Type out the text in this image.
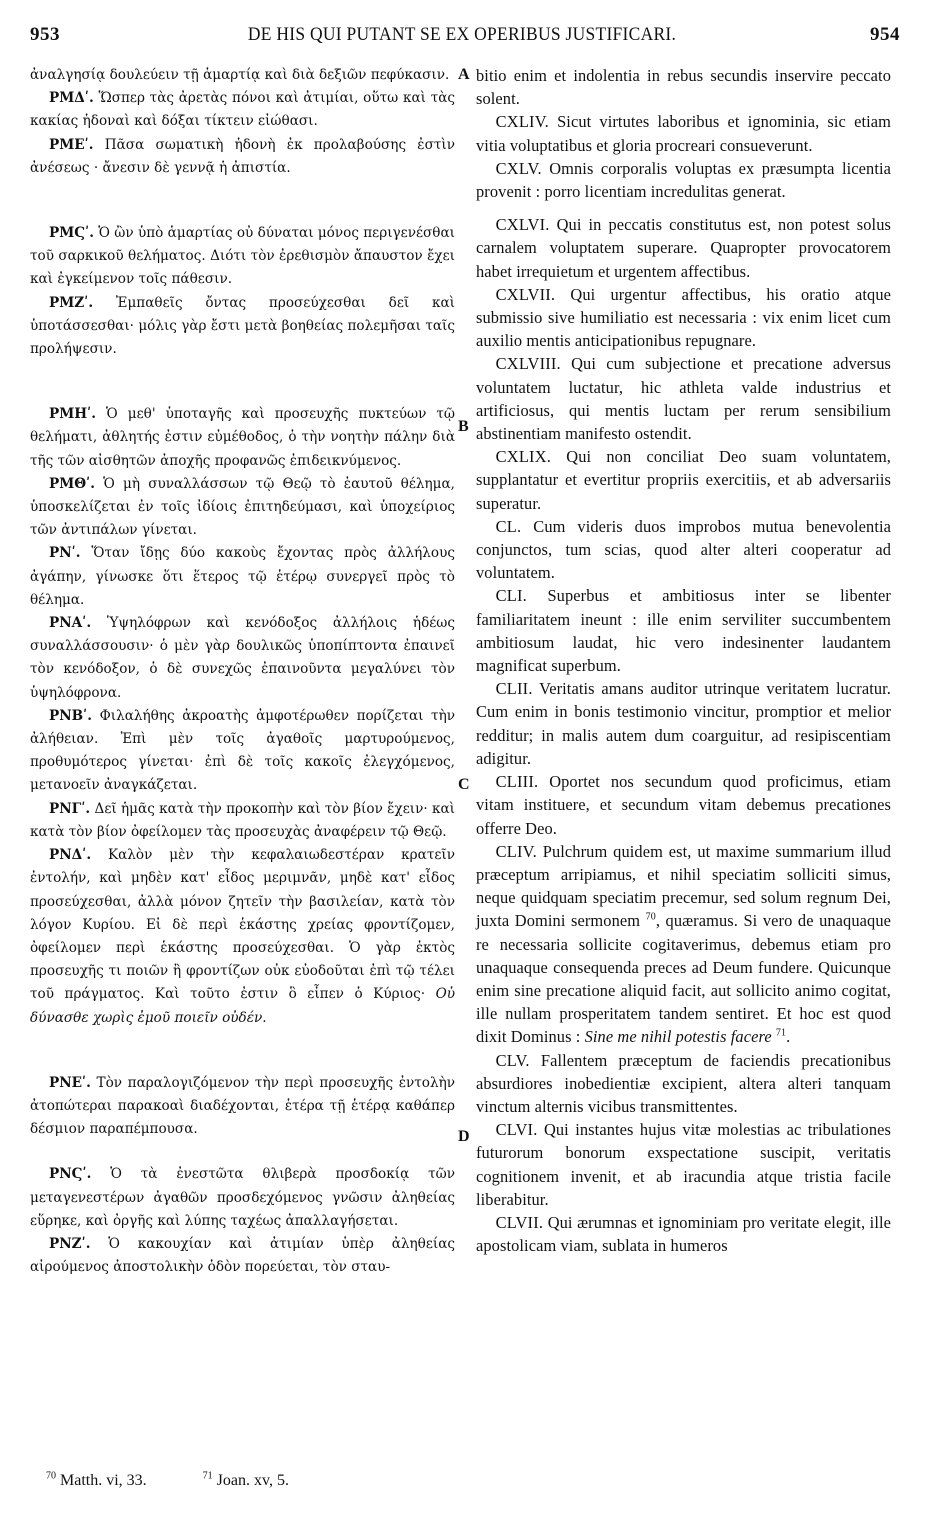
953	DE HIS QUI PUTANT SE EX OPERIBUS JUSTIFICARI.	954
A
B
C
D

ἀναλγησίᾳ δουλεύειν τῇ ἁμαρτίᾳ καὶ διὰ δεξιῶν πεφύκασιν.

ΡΜΔʹ. Ὥσπερ τὰς ἀρετὰς πόνοι καὶ ἀτιμίαι, οὕτω καὶ τὰς κακίας ἡδοναὶ καὶ δόξαι τίκτειν εἰώθασι.

ΡΜΕʹ. Πᾶσα σωματικὴ ἡδονὴ ἐκ προλαβούσης ἐστὶν ἀνέσεως · ἄνεσιν δὲ γεννᾷ ἡ ἀπιστία.

ΡΜϚʹ. Ὁ ὢν ὑπὸ ἁμαρτίας οὐ δύναται μόνος περιγενέσθαι τοῦ σαρκικοῦ θελήματος. Διότι τὸν ἐρεθισμὸν ἄπαυστον ἔχει καὶ ἐγκείμενον τοῖς πάθεσιν.

ΡΜΖʹ. Ἐμπαθεῖς ὄντας προσεύχεσθαι δεῖ καὶ ὑποτάσσεσθαι· μόλις γὰρ ἔστι μετὰ βοηθείας πολεμῆσαι ταῖς προλήψεσιν.

ΡΜΗʹ. Ὁ μεθ' ὑποταγῆς καὶ προσευχῆς πυκτεύων τῷ θελήματι, ἀθλητής ἐστιν εὐμέθοδος, ὁ τὴν νοητὴν πάλην διὰ τῆς τῶν αἰσθητῶν ἀποχῆς προφανῶς ἐπιδεικνύμενος.

ΡΜΘʹ. Ὁ μὴ συναλλάσσων τῷ Θεῷ τὸ ἑαυτοῦ θέλημα, ὑποσκελίζεται ἐν τοῖς ἰδίοις ἐπιτηδεύμασι, καὶ ὑποχείριος τῶν ἀντιπάλων γίνεται.

ΡΝʹ. Ὅταν ἴδῃς δύο κακοὺς ἔχοντας πρὸς ἀλλήλους ἀγάπην, γίνωσκε ὅτι ἕτερος τῷ ἑτέρῳ συνεργεῖ πρὸς τὸ θέλημα.

ΡΝΑʹ. Ὑψηλόφρων καὶ κενόδοξος ἀλλήλοις ἡδέως συναλλάσσουσιν· ὁ μὲν γὰρ δουλικῶς ὑποπίπτοντα ἐπαινεῖ τὸν κενόδοξον, ὁ δὲ συνεχῶς ἐπαινοῦντα μεγαλύνει τὸν ὑψηλόφρονα.

ΡΝΒʹ. Φιλαλήθης ἀκροατὴς ἀμφοτέρωθεν πορίζεται τὴν ἀλήθειαν. Ἐπὶ μὲν τοῖς ἀγαθοῖς μαρτυρούμενος, προθυμότερος γίνεται· ἐπὶ δὲ τοῖς κακοῖς ἐλεγχόμενος, μετανοεῖν ἀναγκάζεται.

ΡΝΓʹ. Δεῖ ἡμᾶς κατὰ τὴν προκοπὴν καὶ τὸν βίον ἔχειν· καὶ κατὰ τὸν βίον ὀφείλομεν τὰς προσευχὰς ἀναφέρειν τῷ Θεῷ.

ΡΝΔʹ. Καλὸν μὲν τὴν κεφαλαιωδεστέραν κρατεῖν ἐντολήν, καὶ μηδὲν κατ' εἶδος μεριμνᾶν, μηδὲ κατ' εἶδος προσεύχεσθαι, ἀλλὰ μόνον ζητεῖν τὴν βασιλείαν, κατὰ τὸν λόγον Κυρίου. Εἰ δὲ περὶ ἑκάστης χρείας φροντίζομεν, ὀφείλομεν περὶ ἑκάστης προσεύχεσθαι. Ὁ γὰρ ἐκτὸς προσευχῆς τι ποιῶν ἢ φροντίζων οὐκ εὐοδοῦται ἐπὶ τῷ τέλει τοῦ πράγματος. Καὶ τοῦτο ἐστιν ὃ εἶπεν ὁ Κύριος· Οὐ δύνασθε χωρὶς ἐμοῦ ποιεῖν οὐδέν.

ΡΝΕʹ. Τὸν παραλογιζόμενον τὴν περὶ προσευχῆς ἐντολὴν ἀτοπώτεραι παρακοαὶ διαδέχονται, ἑτέρα τῇ ἑτέρᾳ καθάπερ δέσμιον παραπέμπουσα.

ΡΝϚʹ. Ὁ τὰ ἐνεστῶτα θλιβερὰ προσδοκίᾳ τῶν μεταγενεστέρων ἀγαθῶν προσδεχόμενος γνῶσιν ἀληθείας εὕρηκε, καὶ ὀργῆς καὶ λύπης ταχέως ἀπαλλαγήσεται.

ΡΝΖʹ. Ὁ κακουχίαν καὶ ἀτιμίαν ὑπὲρ ἀληθείας αἱρούμενος ἀποστολικὴν ὁδὸν πορεύεται, τὸν σταυ-

bitio enim et indolentia in rebus secundis inservire peccato solent.

CXLIV. Sicut virtutes laboribus et ignominia, sic etiam vitia voluptatibus et gloria procreari consueverunt.

CXLV. Omnis corporalis voluptas ex præsumpta licentia provenit : porro licentiam incredulitas generat.

CXLVI. Qui in peccatis constitutus est, non potest solus carnalem voluptatem superare. Quapropter provocatorem habet irrequietum et urgentem affectibus.

CXLVII. Qui urgentur affectibus, his oratio atque submissio sive humiliatio est necessaria : vix enim licet cum auxilio mentis anticipationibus repugnare.

CXLVIII. Qui cum subjectione et precatione adversus voluntatem luctatur, hic athleta valde industrius et artificiosus, qui mentis luctam per rerum sensibilium abstinentiam manifesto ostendit.

CXLIX. Qui non conciliat Deo suam voluntatem, supplantatur et evertitur propriis exercitiis, et ab adversariis superatur.

CL. Cum videris duos improbos mutua benevolentia conjunctos, tum scias, quod alter alteri cooperatur ad voluntatem.

CLI. Superbus et ambitiosus inter se libenter familiaritatem ineunt : ille enim serviliter succumbentem ambitiosum laudat, hic vero indesinenter laudantem magnificat superbum.

CLII. Veritatis amans auditor utrinque veritatem lucratur. Cum enim in bonis testimonio vincitur, promptior et melior redditur; in malis autem dum coarguitur, ad resipiscentiam adigitur.

CLIII. Oportet nos secundum quod proficimus, etiam vitam instituere, et secundum vitam debemus precationes offerre Deo.

CLIV. Pulchrum quidem est, ut maxime summarium illud præceptum arripiamus, et nihil speciatim solliciti simus, neque quidquam speciatim precemur, sed solum regnum Dei, juxta Domini sermonem $^{70}$, quæramus. Si vero de unaquaque re necessaria sollicite cogitaverimus, debemus etiam pro unaquaque consequenda preces ad Deum fundere. Quicunque enim sine precatione aliquid facit, aut sollicito animo cogitat, ille nullam prosperitatem tandem sentiret. Et hoc est quod dixit Dominus : Sine me nihil potestis facere $^{71}$.

CLV. Fallentem præceptum de faciendis precationibus absurdiores inobedientiæ excipient, altera alteri tanquam vinctum alternis vicibus transmittentes.

CLVI. Qui instantes hujus vitæ molestias ac tribulationes futurorum bonorum exspectatione suscipit, veritatis cognitionem invenit, et ab iracundia atque tristia facile liberabitur.

CLVII. Qui ærumnas et ignominiam pro veritate elegit, ille apostolicam viam, sublata in humeros

$^{70}$ Matth. vi, 33.	$^{71}$ Joan. xv, 5.
